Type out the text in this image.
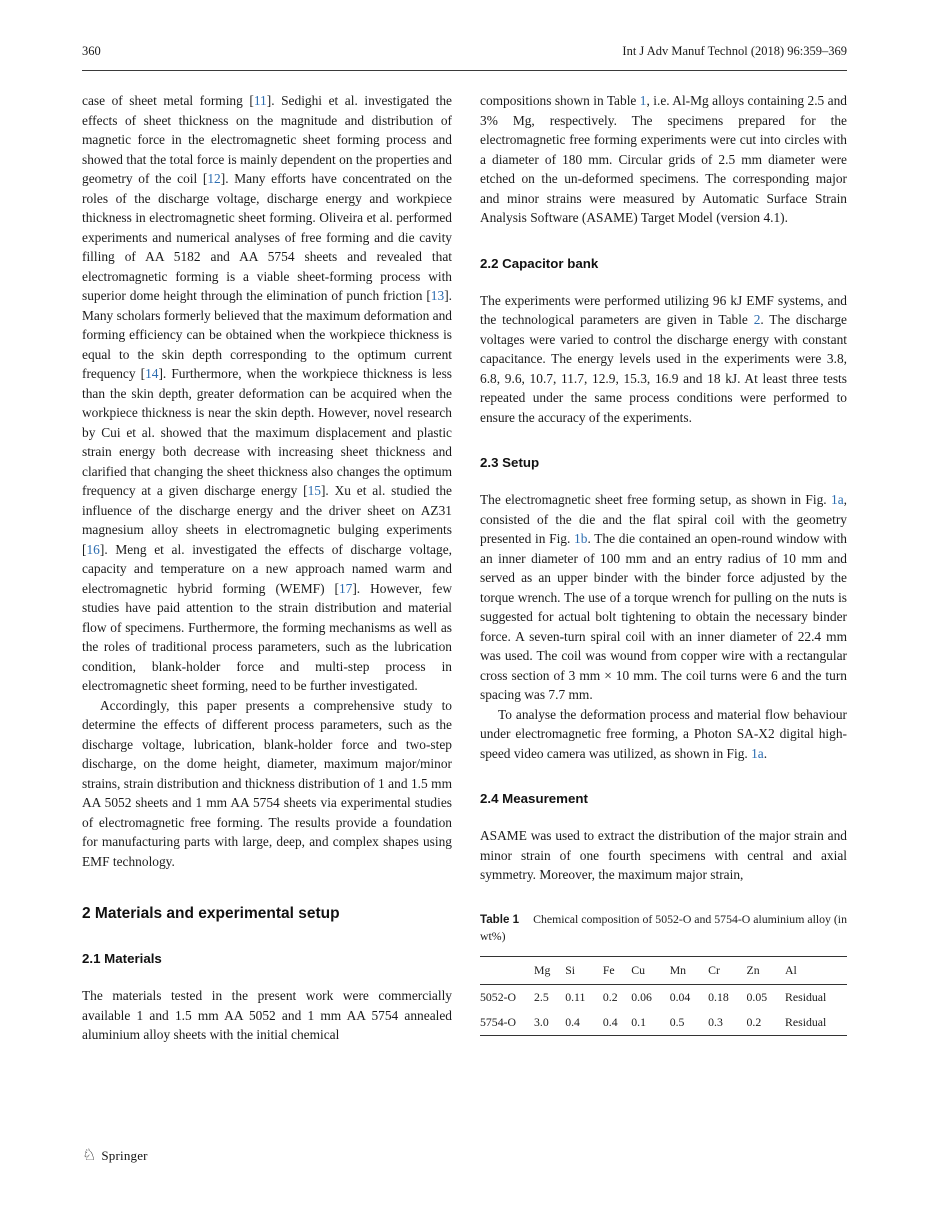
360	Int J Adv Manuf Technol (2018) 96:359–369

case of sheet metal forming [11]. Sedighi et al. investigated the effects of sheet thickness on the magnitude and distribution of magnetic force in the electromagnetic sheet forming process and showed that the total force is mainly dependent on the properties and geometry of the coil [12]. Many efforts have concentrated on the roles of the discharge voltage, discharge energy and workpiece thickness in electromagnetic sheet forming. Oliveira et al. performed experiments and numerical analyses of free forming and die cavity filling of AA 5182 and AA 5754 sheets and revealed that electromagnetic forming is a viable sheet-forming process with superior dome height through the elimination of punch friction [13]. Many scholars formerly believed that the maximum deformation and forming efficiency can be obtained when the workpiece thickness is equal to the skin depth corresponding to the optimum current frequency [14]. Furthermore, when the workpiece thickness is less than the skin depth, greater deformation can be acquired when the workpiece thickness is near the skin depth. However, novel research by Cui et al. showed that the maximum displacement and plastic strain energy both decrease with increasing sheet thickness and clarified that changing the sheet thickness also changes the optimum frequency at a given discharge energy [15]. Xu et al. studied the influence of the discharge energy and the driver sheet on AZ31 magnesium alloy sheets in electromagnetic bulging experiments [16]. Meng et al. investigated the effects of discharge voltage, capacity and temperature on a new approach named warm and electromagnetic hybrid forming (WEMF) [17]. However, few studies have paid attention to the strain distribution and material flow of specimens. Furthermore, the forming mechanisms as well as the roles of traditional process parameters, such as the lubrication condition, blank-holder force and multi-step process in electromagnetic sheet forming, need to be further investigated.

Accordingly, this paper presents a comprehensive study to determine the effects of different process parameters, such as the discharge voltage, lubrication, blank-holder force and two-step discharge, on the dome height, diameter, maximum major/minor strains, strain distribution and thickness distribution of 1 and 1.5 mm AA 5052 sheets and 1 mm AA 5754 sheets via experimental studies of electromagnetic free forming. The results provide a foundation for manufacturing parts with large, deep, and complex shapes using EMF technology.

2 Materials and experimental setup
2.1 Materials

The materials tested in the present work were commercially available 1 and 1.5 mm AA 5052 and 1 mm AA 5754 annealed aluminium alloy sheets with the initial chemical

compositions shown in Table 1, i.e. Al-Mg alloys containing 2.5 and 3% Mg, respectively. The specimens prepared for the electromagnetic free forming experiments were cut into circles with a diameter of 180 mm. Circular grids of 2.5 mm diameter were etched on the un-deformed specimens. The corresponding major and minor strains were measured by Automatic Surface Strain Analysis Software (ASAME) Target Model (version 4.1).

2.2 Capacitor bank

The experiments were performed utilizing 96 kJ EMF systems, and the technological parameters are given in Table 2. The discharge voltages were varied to control the discharge energy with constant capacitance. The energy levels used in the experiments were 3.8, 6.8, 9.6, 10.7, 11.7, 12.9, 15.3, 16.9 and 18 kJ. At least three tests repeated under the same process conditions were performed to ensure the accuracy of the experiments.

2.3 Setup

The electromagnetic sheet free forming setup, as shown in Fig. 1a, consisted of the die and the flat spiral coil with the geometry presented in Fig. 1b. The die contained an open-round window with an inner diameter of 100 mm and an entry radius of 10 mm and served as an upper binder with the binder force adjusted by the torque wrench. The use of a torque wrench for pulling on the nuts is suggested for actual bolt tightening to obtain the necessary binder force. A seven-turn spiral coil with an inner diameter of 22.4 mm was used. The coil was wound from copper wire with a rectangular cross section of 3 mm × 10 mm. The coil turns were 6 and the turn spacing was 7.7 mm.

To analyse the deformation process and material flow behaviour under electromagnetic free forming, a Photon SA-X2 digital high-speed video camera was utilized, as shown in Fig. 1a.

2.4 Measurement

ASAME was used to extract the distribution of the major strain and minor strain of one fourth specimens with central and axial symmetry. Moreover, the maximum major strain,

Table 1 Chemical composition of 5052-O and 5754-O aluminium alloy (in wt%)
	Mg	Si	Fe	Cu	Mn	Cr	Zn	Al
5052-O	2.5	0.11	0.2	0.06	0.04	0.18	0.05	Residual
5754-O	3.0	0.4	0.4	0.1	0.5	0.3	0.2	Residual
♘ Springer
